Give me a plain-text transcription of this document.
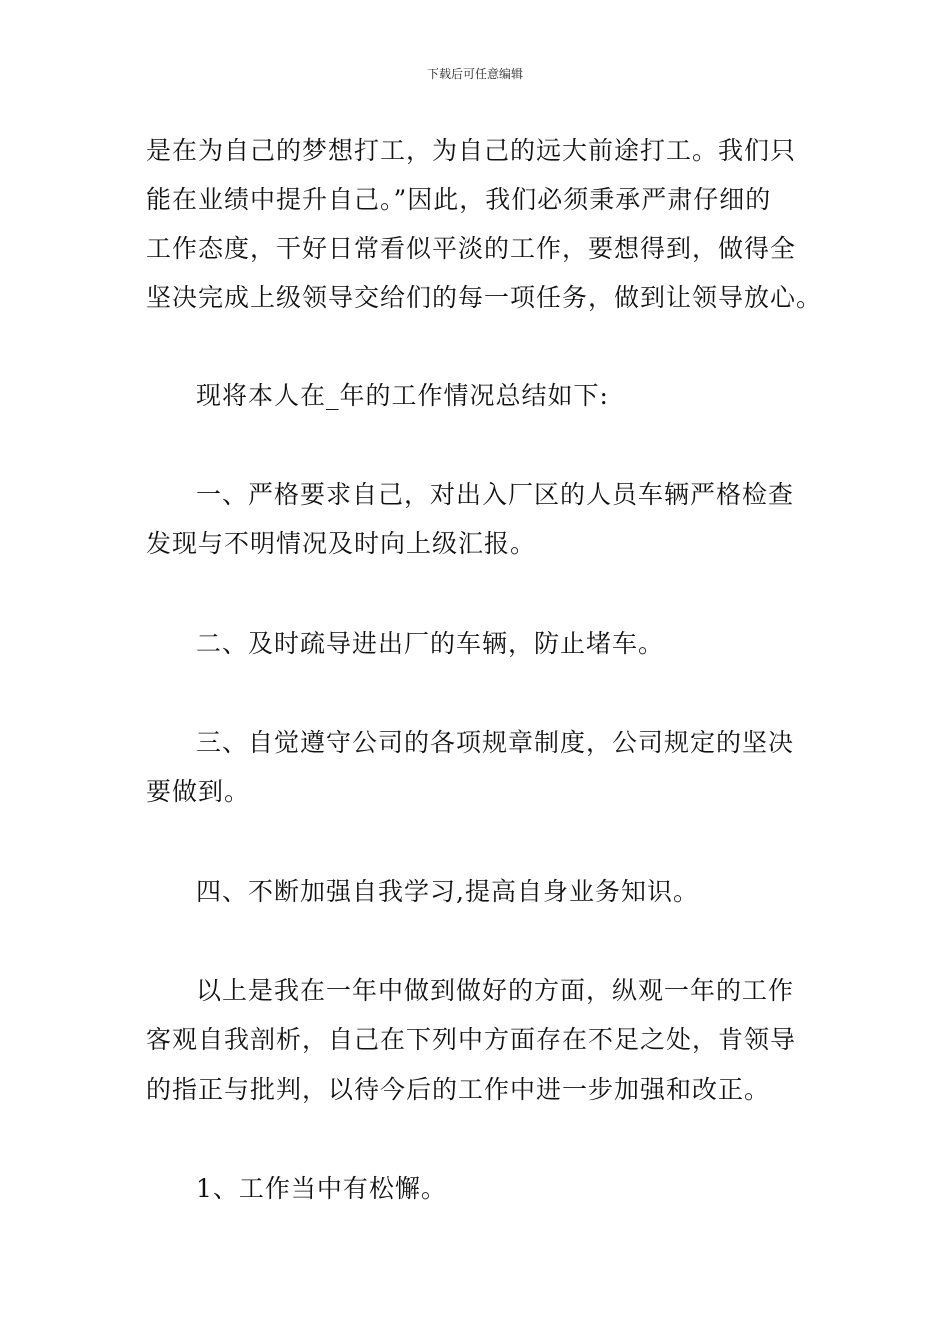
下载后可任意编辑
是在为自己的梦想打工，为自己的远大前途打工。我们只
能在业绩中提升自己。”因此，我们必须秉承严肃仔细的
工作态度，干好日常看似平淡的工作，要想得到，做得全
坚决完成上级领导交给们的每一项任务，做到让领导放心。
现将本人在_年的工作情况总结如下:
一、严格要求自己，对出入厂区的人员车辆严格检查
发现与不明情况及时向上级汇报。
二、及时疏导进出厂的车辆，防止堵车。
三、自觉遵守公司的各项规章制度，公司规定的坚决
要做到。
四、不断加强自我学习,提高自身业务知识。
以上是我在一年中做到做好的方面，纵观一年的工作
客观自我剖析，自己在下列中方面存在不足之处，肯领导
的指正与批判，以待今后的工作中进一步加强和改正。
1、工作当中有松懈。
